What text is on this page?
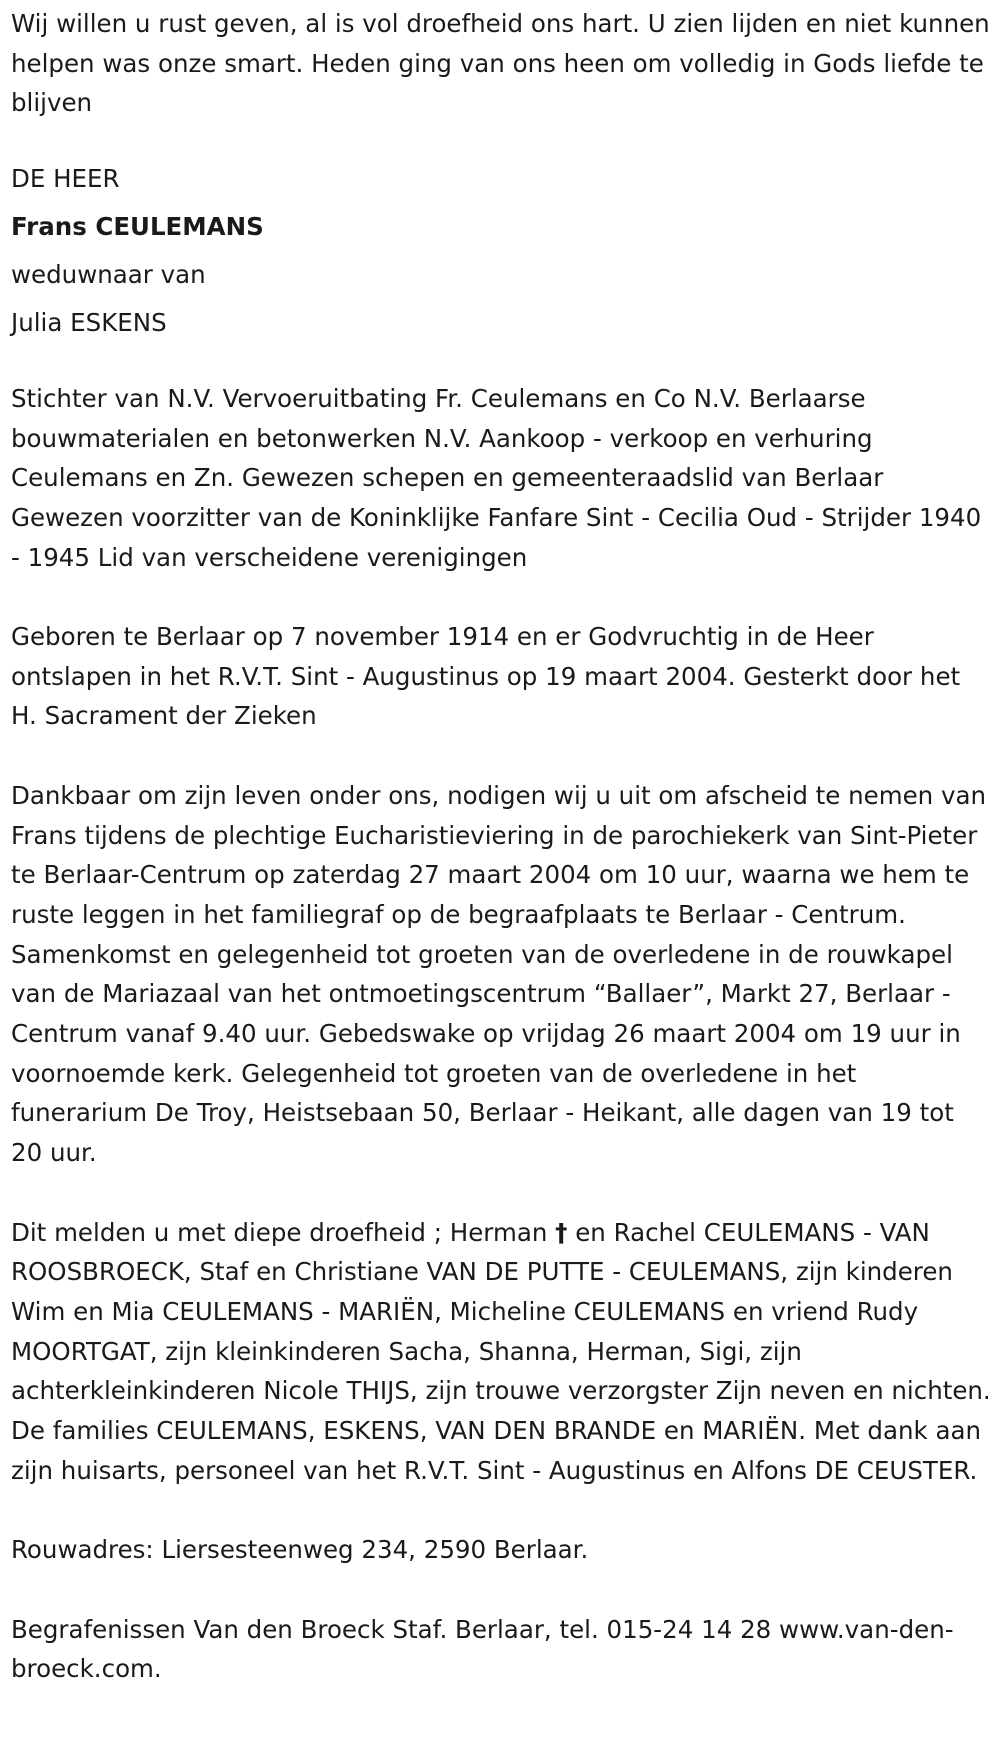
Wij willen u rust geven, al is vol droefheid ons hart. U zien lijden en niet kunnen helpen was onze smart. Heden ging van ons heen om volledig in Gods liefde te blijven

DE HEER
Frans CEULEMANS
weduwnaar van
Julia ESKENS

Stichter van N.V. Vervoeruitbating Fr. Ceulemans en Co N.V. Berlaarse bouwmaterialen en betonwerken N.V. Aankoop - verkoop en verhuring Ceulemans en Zn. Gewezen schepen en gemeenteraadslid van Berlaar Gewezen voorzitter van de Koninklijke Fanfare Sint - Cecilia Oud - Strijder 1940 - 1945 Lid van verscheidene verenigingen

Geboren te Berlaar op 7 november 1914 en er Godvruchtig in de Heer ontslapen in het R.V.T. Sint - Augustinus op 19 maart 2004. Gesterkt door het H. Sacrament der Zieken

Dankbaar om zijn leven onder ons, nodigen wij u uit om afscheid te nemen van Frans tijdens de plechtige Eucharistieviering in de parochiekerk van Sint-Pieter te Berlaar-Centrum op zaterdag 27 maart 2004 om 10 uur, waarna we hem te ruste leggen in het familiegraf op de begraafplaats te Berlaar - Centrum. Samenkomst en gelegenheid tot groeten van de overledene in de rouwkapel van de Mariazaal van het ontmoetingscentrum “Ballaer”, Markt 27, Berlaar - Centrum vanaf 9.40 uur. Gebedswake op vrijdag 26 maart 2004 om 19 uur in voornoemde kerk. Gelegenheid tot groeten van de overledene in het funerarium De Troy, Heistsebaan 50, Berlaar - Heikant, alle dagen van 19 tot 20 uur.

Dit melden u met diepe droefheid ; Herman † en Rachel CEULEMANS - VAN ROOSBROECK, Staf en Christiane VAN DE PUTTE - CEULEMANS, zijn kinderen Wim en Mia CEULEMANS - MARIËN, Micheline CEULEMANS en vriend Rudy MOORTGAT, zijn kleinkinderen Sacha, Shanna, Herman, Sigi, zijn achterkleinkinderen Nicole THIJS, zijn trouwe verzorgster Zijn neven en nichten. De families CEULEMANS, ESKENS, VAN DEN BRANDE en MARIËN. Met dank aan zijn huisarts, personeel van het R.V.T. Sint - Augustinus en Alfons DE CEUSTER.

Rouwadres: Liersesteenweg 234, 2590 Berlaar.

Begrafenissen Van den Broeck Staf. Berlaar, tel. 015-24 14 28 www.van-den-broeck.com.
